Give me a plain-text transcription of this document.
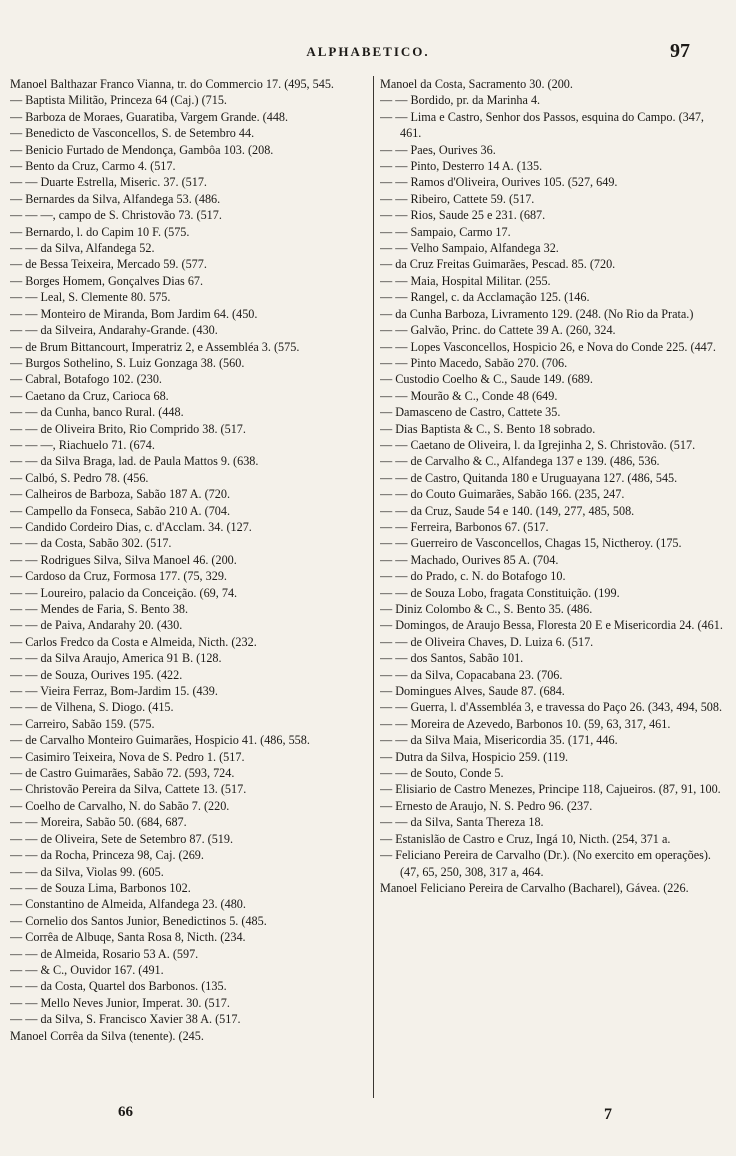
ALPHABETICO.	97

Manoel Balthazar Franco Vianna, tr. do Commercio 17. (495, 545.

— Baptista Militão, Princeza 64 (Caj.) (715.

— Barboza de Moraes, Guaratiba, Vargem Grande. (448.

— Benedicto de Vasconcellos, S. de Setembro 44.

— Benicio Furtado de Mendonça, Gambôa 103. (208.

— Bento da Cruz, Carmo 4. (517.

— — Duarte Estrella, Miseric. 37. (517.

— Bernardes da Silva, Alfandega 53. (486.

— — —, campo de S. Christovão 73. (517.

— Bernardo, l. do Capim 10 F. (575.

— — da Silva, Alfandega 52.

— de Bessa Teixeira, Mercado 59. (577.

— Borges Homem, Gonçalves Dias 67.

— — Leal, S. Clemente 80. 575.

— — Monteiro de Miranda, Bom Jardim 64. (450.

— — da Silveira, Andarahy-Grande. (430.

— de Brum Bittancourt, Imperatriz 2, e Assembléa 3. (575.

— Burgos Sothelino, S. Luiz Gonzaga 38. (560.

— Cabral, Botafogo 102. (230.

— Caetano da Cruz, Carioca 68.

— — da Cunha, banco Rural. (448.

— — de Oliveira Brito, Rio Comprido 38. (517.

— — —, Riachuelo 71. (674.

— — da Silva Braga, lad. de Paula Mattos 9. (638.

— Calbó, S. Pedro 78. (456.

— Calheiros de Barboza, Sabão 187 A. (720.

— Campello da Fonseca, Sabão 210 A. (704.

— Candido Cordeiro Dias, c. d'Acclam. 34. (127.

— — da Costa, Sabão 302. (517.

— — Rodrigues Silva, Silva Manoel 46. (200.

— Cardoso da Cruz, Formosa 177. (75, 329.

— — Loureiro, palacio da Conceição. (69, 74.

— — Mendes de Faria, S. Bento 38.

— — de Paiva, Andarahy 20. (430.

— Carlos Fredco da Costa e Almeida, Nicth. (232.

— — da Silva Araujo, America 91 B. (128.

— — de Souza, Ourives 195. (422.

— — Vieira Ferraz, Bom-Jardim 15. (439.

— — de Vilhena, S. Diogo. (415.

— Carreiro, Sabão 159. (575.

— de Carvalho Monteiro Guimarães, Hospicio 41. (486, 558.

— Casimiro Teixeira, Nova de S. Pedro 1. (517.

— de Castro Guimarães, Sabão 72. (593, 724.

— Christovão Pereira da Silva, Cattete 13. (517.

— Coelho de Carvalho, N. do Sabão 7. (220.

— — Moreira, Sabão 50. (684, 687.

— — de Oliveira, Sete de Setembro 87. (519.

— — da Rocha, Princeza 98, Caj. (269.

— — da Silva, Violas 99. (605.

— — de Souza Lima, Barbonos 102.

— Constantino de Almeida, Alfandega 23. (480.

— Cornelio dos Santos Junior, Benedictinos 5. (485.

— Corrêa de Albuqe, Santa Rosa 8, Nicth. (234.

— — de Almeida, Rosario 53 A. (597.

— — & C., Ouvidor 167. (491.

— — da Costa, Quartel dos Barbonos. (135.

— — Mello Neves Junior, Imperat. 30. (517.

— — da Silva, S. Francisco Xavier 38 A. (517.

Manoel Corrêa da Silva (tenente). (245.

Manoel da Costa, Sacramento 30. (200.

— — Bordido, pr. da Marinha 4.

— — Lima e Castro, Senhor dos Passos, esquina do Campo. (347, 461.

— — Paes, Ourives 36.

— — Pinto, Desterro 14 A. (135.

— — Ramos d'Oliveira, Ourives 105. (527, 649.

— — Ribeiro, Cattete 59. (517.

— — Rios, Saude 25 e 231. (687.

— — Sampaio, Carmo 17.

— — Velho Sampaio, Alfandega 32.

— da Cruz Freitas Guimarães, Pescad. 85. (720.

— — Maia, Hospital Militar. (255.

— — Rangel, c. da Acclamação 125. (146.

— da Cunha Barboza, Livramento 129. (248. (No Rio da Prata.)

— — Galvão, Princ. do Cattete 39 A. (260, 324.

— — Lopes Vasconcellos, Hospicio 26, e Nova do Conde 225. (447.

— — Pinto Macedo, Sabão 270. (706.

— Custodio Coelho & C., Saude 149. (689.

— — Mourão & C., Conde 48 (649.

— Damasceno de Castro, Cattete 35.

— Dias Baptista & C., S. Bento 18 sobrado.

— — Caetano de Oliveira, l. da Igrejinha 2, S. Christovão. (517.

— — de Carvalho & C., Alfandega 137 e 139. (486, 536.

— — de Castro, Quitanda 180 e Uruguayana 127. (486, 545.

— — do Couto Guimarães, Sabão 166. (235, 247.

— — da Cruz, Saude 54 e 140. (149, 277, 485, 508.

— — Ferreira, Barbonos 67. (517.

— — Guerreiro de Vasconcellos, Chagas 15, Nictheroy. (175.

— — Machado, Ourives 85 A. (704.

— — do Prado, c. N. do Botafogo 10.

— — de Souza Lobo, fragata Constituição. (199.

— Diniz Colombo & C., S. Bento 35. (486.

— Domingos, de Araujo Bessa, Floresta 20 E e Misericordia 24. (461.

— — de Oliveira Chaves, D. Luiza 6. (517.

— — dos Santos, Sabão 101.

— — da Silva, Copacabana 23. (706.

— Domingues Alves, Saude 87. (684.

— — Guerra, l. d'Assembléa 3, e travessa do Paço 26. (343, 494, 508.

— — Moreira de Azevedo, Barbonos 10. (59, 63, 317, 461.

— — da Silva Maia, Misericordia 35. (171, 446.

— Dutra da Silva, Hospicio 259. (119.

— — de Souto, Conde 5.

— Elisiario de Castro Menezes, Principe 118, Cajueiros. (87, 91, 100.

— Ernesto de Araujo, N. S. Pedro 96. (237.

— — da Silva, Santa Thereza 18.

— Estanislão de Castro e Cruz, Ingá 10, Nicth. (254, 371 a.

— Feliciano Pereira de Carvalho (Dr.). (No exercito em operações). (47, 65, 250, 308, 317 a, 464.

Manoel Feliciano Pereira de Carvalho (Bacharel), Gávea. (226.

66	7
